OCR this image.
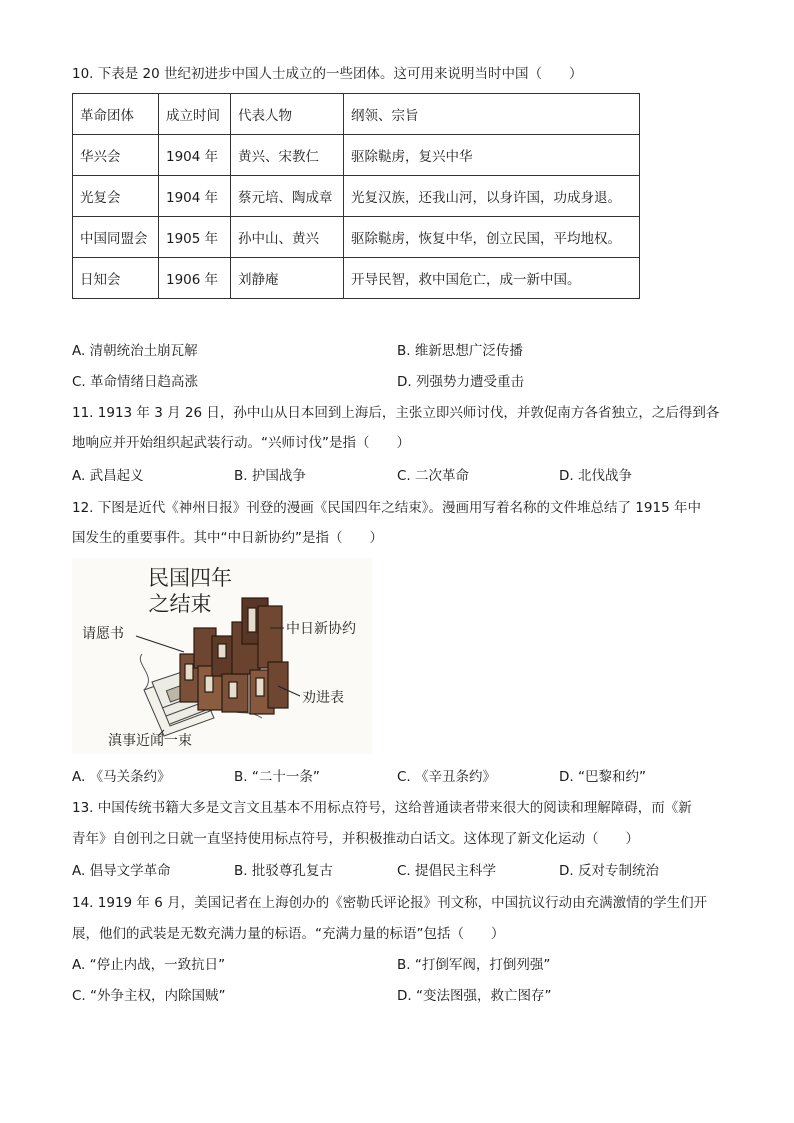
10. 下表是 20 世纪初进步中国人士成立的一些团体。这可用来说明当时中国（　　）
革命团体	成立时间	代表人物	纲领、宗旨
华兴会	1904 年	黄兴、宋教仁	驱除鞑虏，复兴中华
光复会	1904 年	蔡元培、陶成章	光复汉族，还我山河，以身许国，功成身退。
中国同盟会	1905 年	孙中山、黄兴	驱除鞑虏，恢复中华，创立民国，平均地权。
日知会	1906 年	刘静庵	开导民智，救中国危亡，成一新中国。
A. 清朝统治土崩瓦解	B. 维新思想广泛传播
C. 革命情绪日趋高涨	D. 列强势力遭受重击
11. 1913 年 3 月 26 日，孙中山从日本回到上海后，主张立即兴师讨伐，并敦促南方各省独立，之后得到各
地响应并开始组织起武装行动。“兴师讨伐”是指（　　）
A. 武昌起义	B. 护国战争	C. 二次革命	D. 北伐战争
12. 下图是近代《神州日报》刊登的漫画《民国四年之结束》。漫画用写着名称的文件堆总结了 1915 年中
国发生的重要事件。其中“中日新协约”是指（　　）
民国四年
之结束
请愿书	中日新协约
劝进表
滇事近闻一束
A. 《马关条约》	B. “二十一条”	C. 《辛丑条约》	D. “巴黎和约”
13. 中国传统书籍大多是文言文且基本不用标点符号，这给普通读者带来很大的阅读和理解障碍，而《新
青年》自创刊之日就一直坚持使用标点符号，并积极推动白话文。这体现了新文化运动（　　）
A. 倡导文学革命	B. 批驳尊孔复古	C. 提倡民主科学	D. 反对专制统治
14. 1919 年 6 月，美国记者在上海创办的《密勒氏评论报》刊文称，中国抗议行动由充满激情的学生们开
展，他们的武装是无数充满力量的标语。“充满力量的标语”包括（　　）
A. “停止内战，一致抗日”	B. “打倒军阀，打倒列强”
C. “外争主权，内除国贼”	D. “变法图强，救亡图存”
